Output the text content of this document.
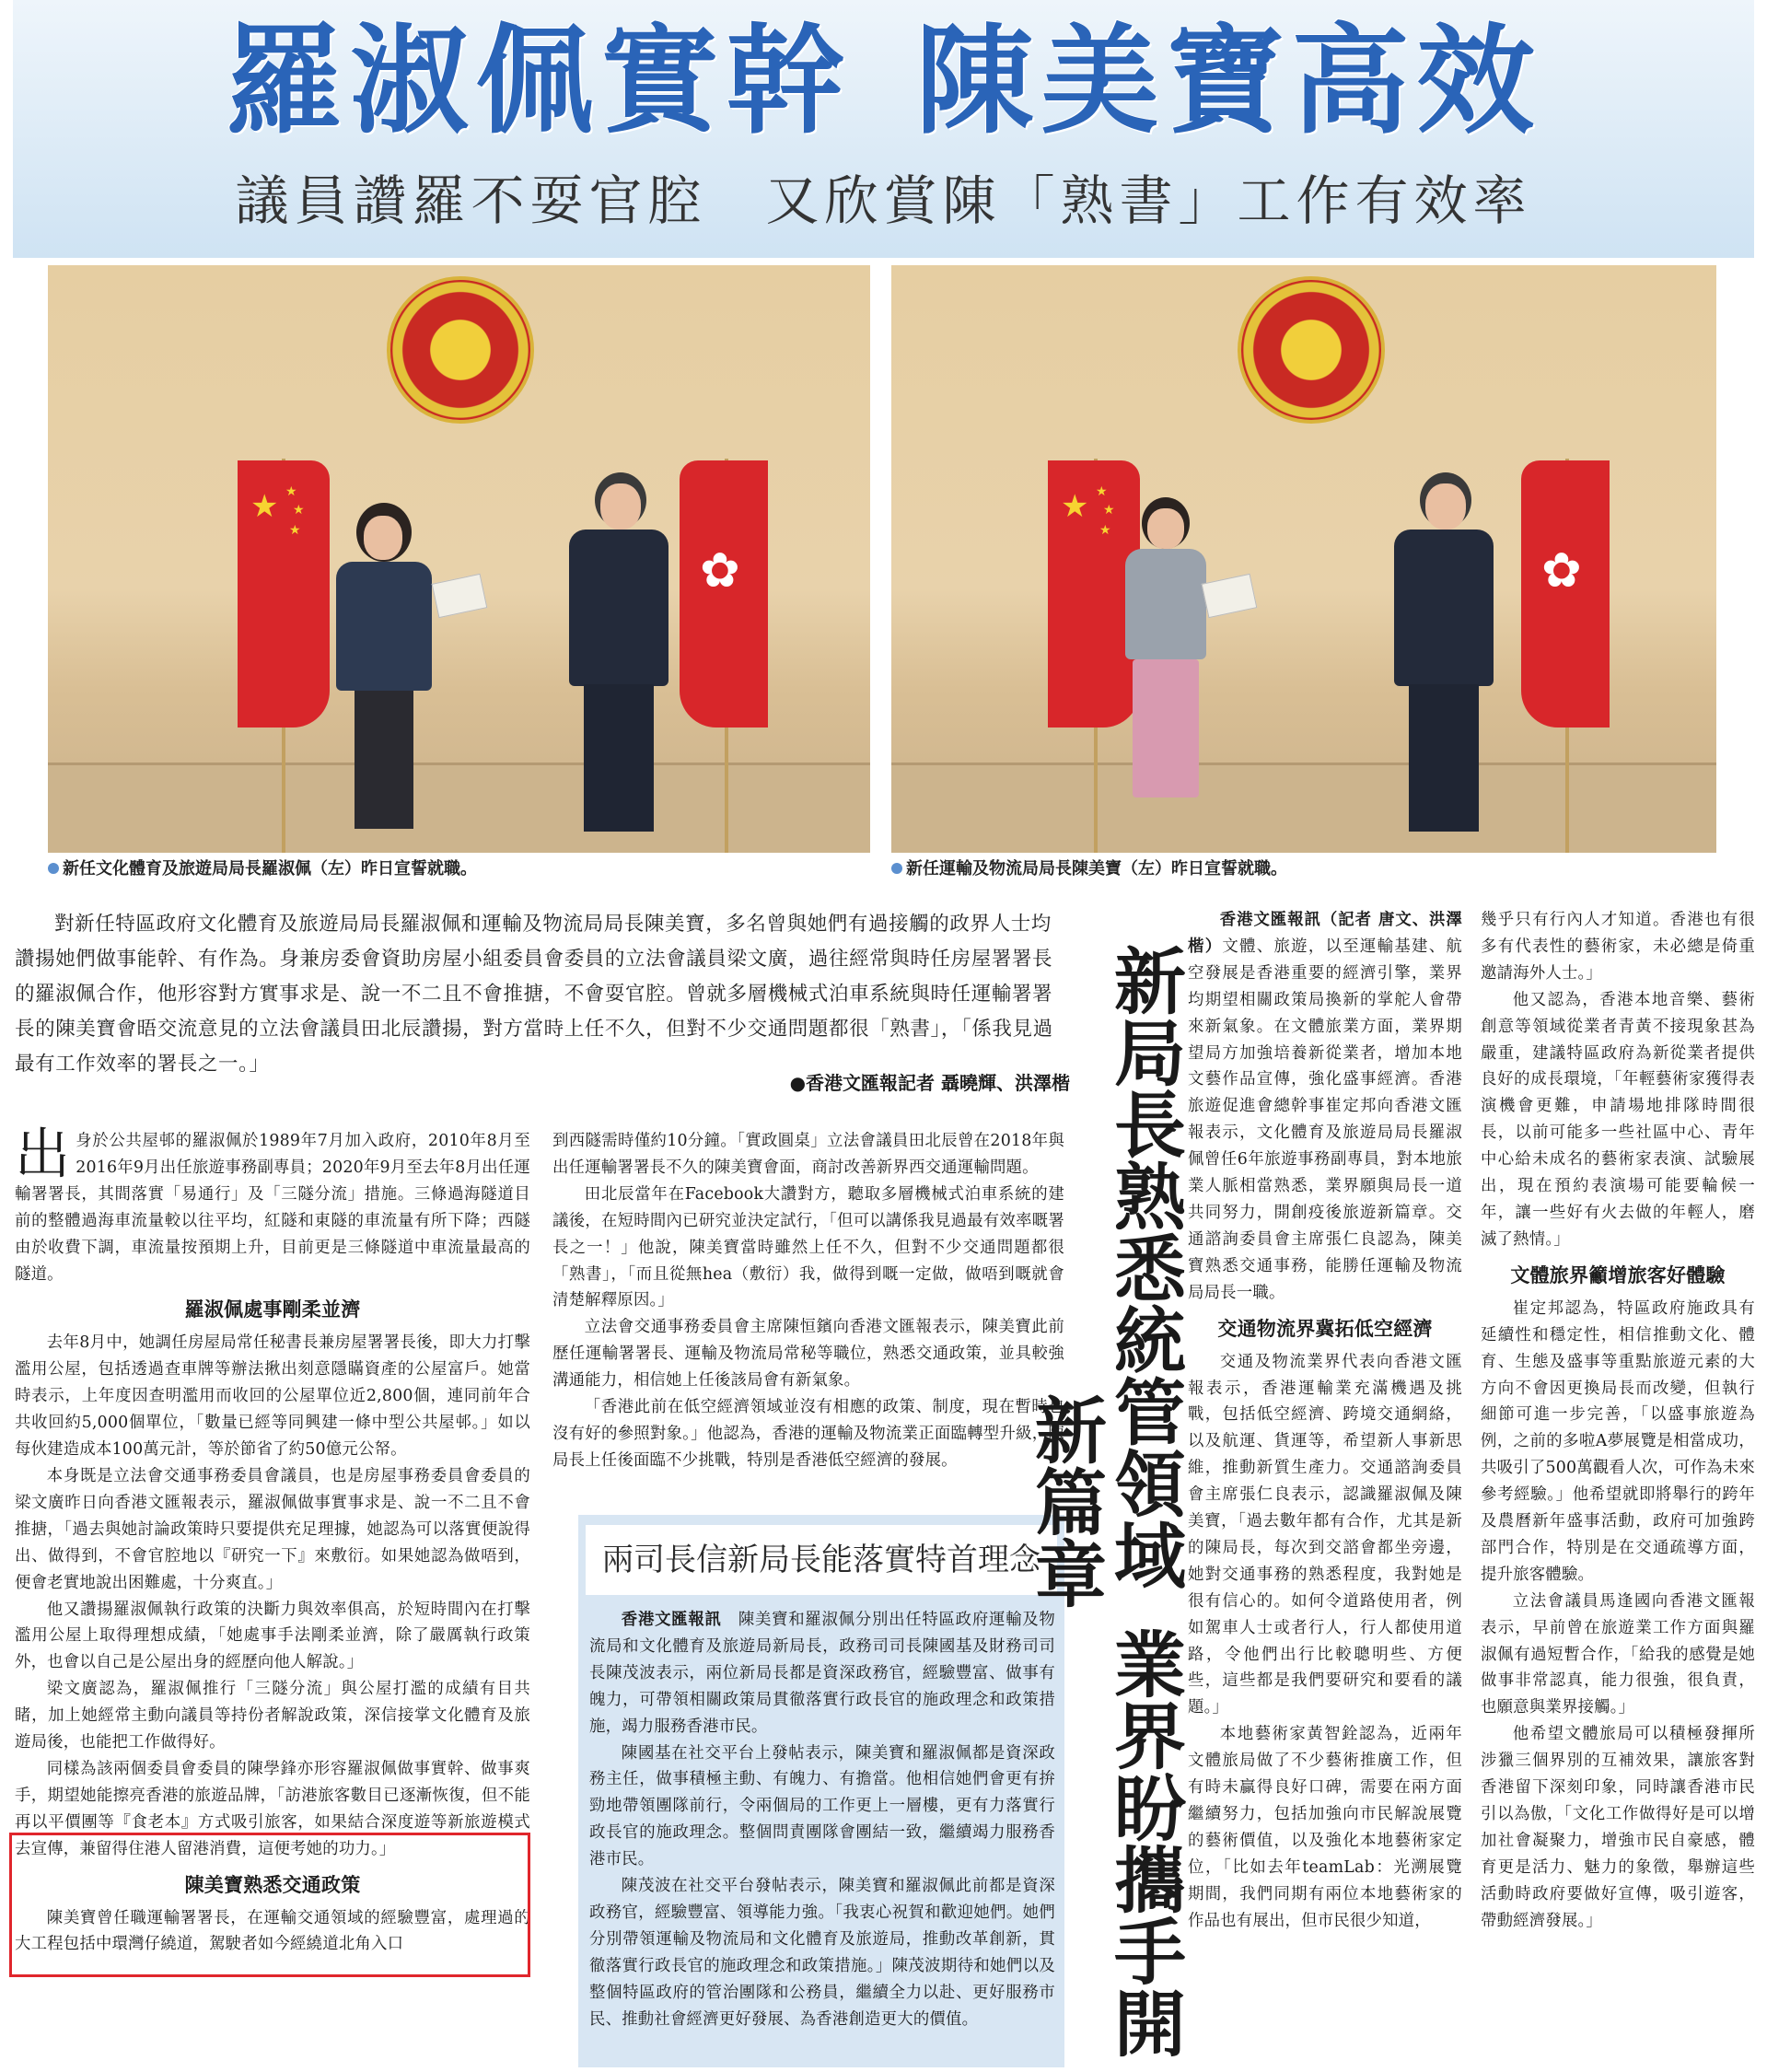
羅淑佩實幹 陳美寶高效
議員讚羅不耍官腔　又欣賞陳「熟書」工作有效率
★ ★
★
★
✿
新任文化體育及旅遊局局長羅淑佩（左）昨日宣誓就職。
★ ★
★
★
✿
新任運輸及物流局局長陳美寶（左）昨日宣誓就職。
對新任特區政府文化體育及旅遊局局長羅淑佩和運輸及物流局局長陳美寶，多名曾與她們有過接觸的政界人士均讚揚她們做事能幹、有作為。身兼房委會資助房屋小組委員會委員的立法會議員梁文廣，過往經常與時任房屋署署長的羅淑佩合作，他形容對方實事求是、說一不二且不會推搪，不會耍官腔。曾就多層機械式泊車系統與時任運輸署署長的陳美寶會晤交流意見的立法會議員田北辰讚揚，對方當時上任不久，但對不少交通問題都很「熟書」，「係我見過最有工作效率的署長之一。」
●香港文匯報記者 聶曉輝、洪澤楷

出身於公共屋邨的羅淑佩於1989年7月加入政府，2010年8月至2016年9月出任旅遊事務副專員；2020年9月至去年8月出任運輸署署長，其間落實「易通行」及「三隧分流」措施。三條過海隧道目前的整體過海車流量較以往平均，紅隧和東隧的車流量有所下降；西隧由於收費下調，車流量按預期上升，目前更是三條隧道中車流量最高的隧道。

羅淑佩處事剛柔並濟

去年8月中，她調任房屋局常任秘書長兼房屋署署長後，即大力打擊濫用公屋，包括透過查車牌等辦法揪出刻意隱瞞資產的公屋富戶。她當時表示，上年度因查明濫用而收回的公屋單位近2,800個，連同前年合共收回約5,000個單位，「數量已經等同興建一條中型公共屋邨。」如以每伙建造成本100萬元計，等於節省了約50億元公帑。

本身既是立法會交通事務委員會議員，也是房屋事務委員會委員的梁文廣昨日向香港文匯報表示，羅淑佩做事實事求是、說一不二且不會推搪，「過去與她討論政策時只要提供充足理據，她認為可以落實便說得出、做得到，不會官腔地以『研究一下』來敷衍。如果她認為做唔到，便會老實地說出困難處，十分爽直。」

他又讚揚羅淑佩執行政策的決斷力與效率俱高，於短時間內在打擊濫用公屋上取得理想成績，「她處事手法剛柔並濟，除了嚴厲執行政策外，也會以自己是公屋出身的經歷向他人解說。」

梁文廣認為，羅淑佩推行「三隧分流」與公屋打濫的成績有目共睹，加上她經常主動向議員等持份者解說政策，深信接掌文化體育及旅遊局後，也能把工作做得好。

同樣為該兩個委員會委員的陳學鋒亦形容羅淑佩做事實幹、做事爽手，期望她能擦亮香港的旅遊品牌，「訪港旅客數目已逐漸恢復，但不能再以平價團等『食老本』方式吸引旅客，如果結合深度遊等新旅遊模式去宣傳，兼留得住港人留港消費，這便考她的功力。」

陳美寶熟悉交通政策

陳美寶曾任職運輸署署長，在運輸交通領域的經驗豐富，處理過的大工程包括中環灣仔繞道，駕駛者如今經繞道北角入口

到西隧需時僅約10分鐘。「實政圓桌」立法會議員田北辰曾在2018年與出任運輸署署長不久的陳美寶會面，商討改善新界西交通運輸問題。

田北辰當年在Facebook大讚對方，聽取多層機械式泊車系統的建議後，在短時間內已研究並決定試行，「但可以講係我見過最有效率嘅署長之一！」他說，陳美寶當時雖然上任不久，但對不少交通問題都很「熟書」，「而且從無hea（敷衍）我，做得到嘅一定做，做唔到嘅就會清楚解釋原因。」

立法會交通事務委員會主席陳恒鑌向香港文匯報表示，陳美寶此前歷任運輸署署長、運輸及物流局常秘等職位，熟悉交通政策，並具較強溝通能力，相信她上任後該局會有新氣象。

「香港此前在低空經濟領域並沒有相應的政策、制度，現在暫時也沒有好的參照對象。」他認為，香港的運輸及物流業正面臨轉型升級，陳局長上任後面臨不少挑戰，特別是香港低空經濟的發展。

兩司長信新局長能落實特首理念

香港文匯報訊　陳美寶和羅淑佩分別出任特區政府運輸及物流局和文化體育及旅遊局新局長，政務司司長陳國基及財務司司長陳茂波表示，兩位新局長都是資深政務官，經驗豐富、做事有魄力，可帶領相關政策局貫徹落實行政長官的施政理念和政策措施，竭力服務香港市民。

陳國基在社交平台上發帖表示，陳美寶和羅淑佩都是資深政務主任，做事積極主動、有魄力、有擔當。他相信她們會更有拚勁地帶領團隊前行，令兩個局的工作更上一層樓，更有力落實行政長官的施政理念。整個問責團隊會團結一致，繼續竭力服務香港市民。

陳茂波在社交平台發帖表示，陳美寶和羅淑佩此前都是資深政務官，經驗豐富、領導能力強。「我衷心祝賀和歡迎她們。她們分別帶領運輸及物流局和文化體育及旅遊局，推動改革創新，貫徹落實行政長官的施政理念和政策措施。」陳茂波期待和她們以及整個特區政府的管治團隊和公務員，繼續全力以赴、更好服務市民、推動社會經濟更好發展、為香港創造更大的價值。

新局長熟悉統管領域業界盼攜手開新篇章

香港文匯報訊（記者 唐文、洪澤楷）文體、旅遊，以至運輸基建、航空發展是香港重要的經濟引擎，業界均期望相關政策局換新的掌舵人會帶來新氣象。在文體旅業方面，業界期望局方加強培養新從業者，增加本地文藝作品宣傳，強化盛事經濟。香港旅遊促進會總幹事崔定邦向香港文匯報表示，文化體育及旅遊局局長羅淑佩曾任6年旅遊事務副專員，對本地旅業人脈相當熟悉，業界願與局長一道共同努力，開創疫後旅遊新篇章。交通諮詢委員會主席張仁良認為，陳美寶熟悉交通事務，能勝任運輸及物流局局長一職。

交通物流界冀拓低空經濟

交通及物流業界代表向香港文匯報表示，香港運輸業充滿機遇及挑戰，包括低空經濟、跨境交通網絡，以及航運、貨運等，希望新人事新思維，推動新質生產力。交通諮詢委員會主席張仁良表示，認識羅淑佩及陳美寶，「過去數年都有合作，尤其是新的陳局長，每次到交諮會都坐旁邊，她對交通事務的熟悉程度，我對她是很有信心的。如何令道路使用者，例如駕車人士或者行人，行人都使用道路，令他們出行比較聰明些、方便些，這些都是我們要研究和要看的議題。」

本地藝術家黃智銓認為，近兩年文體旅局做了不少藝術推廣工作，但有時未贏得良好口碑，需要在兩方面繼續努力，包括加強向市民解說展覽的藝術價值，以及強化本地藝術家定位，「比如去年teamLab：光溯展覽期間，我們同期有兩位本地藝術家的作品也有展出，但市民很少知道，

幾乎只有行內人才知道。香港也有很多有代表性的藝術家，未必總是倚重邀請海外人士。」

他又認為，香港本地音樂、藝術創意等領域從業者青黃不接現象甚為嚴重，建議特區政府為新從業者提供良好的成長環境，「年輕藝術家獲得表演機會更難，申請場地排隊時間很長，以前可能多一些社區中心、青年中心給未成名的藝術家表演、試驗展出，現在預約表演場可能要輪候一年，讓一些好有火去做的年輕人，磨滅了熱情。」

文體旅界籲增旅客好體驗

崔定邦認為，特區政府施政具有延續性和穩定性，相信推動文化、體育、生態及盛事等重點旅遊元素的大方向不會因更換局長而改變，但執行細節可進一步完善，「以盛事旅遊為例，之前的多啦A夢展覽是相當成功，共吸引了500萬觀看人次，可作為未來參考經驗。」他希望就即將舉行的跨年及農曆新年盛事活動，政府可加強跨部門合作，特別是在交通疏導方面，提升旅客體驗。

立法會議員馬逢國向香港文匯報表示，早前曾在旅遊業工作方面與羅淑佩有過短暫合作，「給我的感覺是她做事非常認真，能力很強，很負責，也願意與業界接觸。」

他希望文體旅局可以積極發揮所涉獵三個界別的互補效果，讓旅客對香港留下深刻印象，同時讓香港市民引以為傲，「文化工作做得好是可以增加社會凝聚力，增強市民自豪感，體育更是活力、魅力的象徵，舉辦這些活動時政府要做好宣傳，吸引遊客，帶動經濟發展。」
